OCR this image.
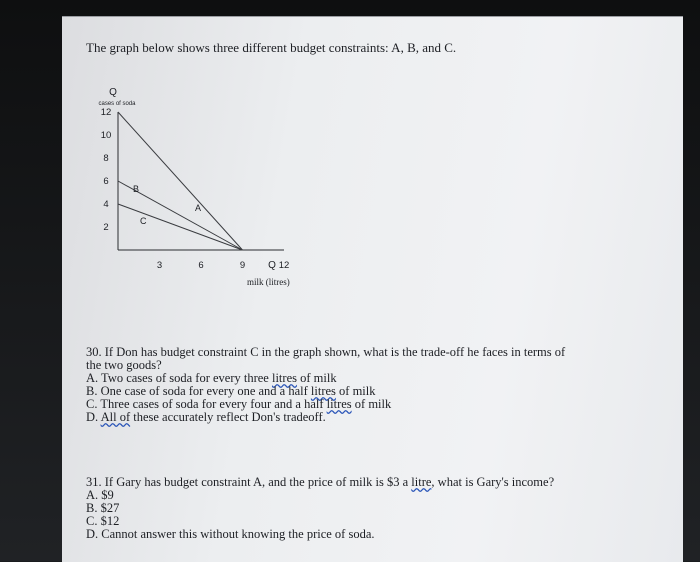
The graph below shows three different budget constraints: A, B, and C.
Q
cases of soda
12
10
8
6
4
2
B
A
C
3	6	9	12
Q
milk (litres)
30. If Don has budget constraint C in the graph shown, what is the trade-off he faces in terms of
the two goods?
A. Two cases of soda for every three litres of milk
B. One case of soda for every one and a half litres of milk
C. Three cases of soda for every four and a half litres of milk
D. All of these accurately reflect Don's tradeoff.
31. If Gary has budget constraint A, and the price of milk is $3 a litre, what is Gary's income?
A. $9
B. $27
C. $12
D. Cannot answer this without knowing the price of soda.
